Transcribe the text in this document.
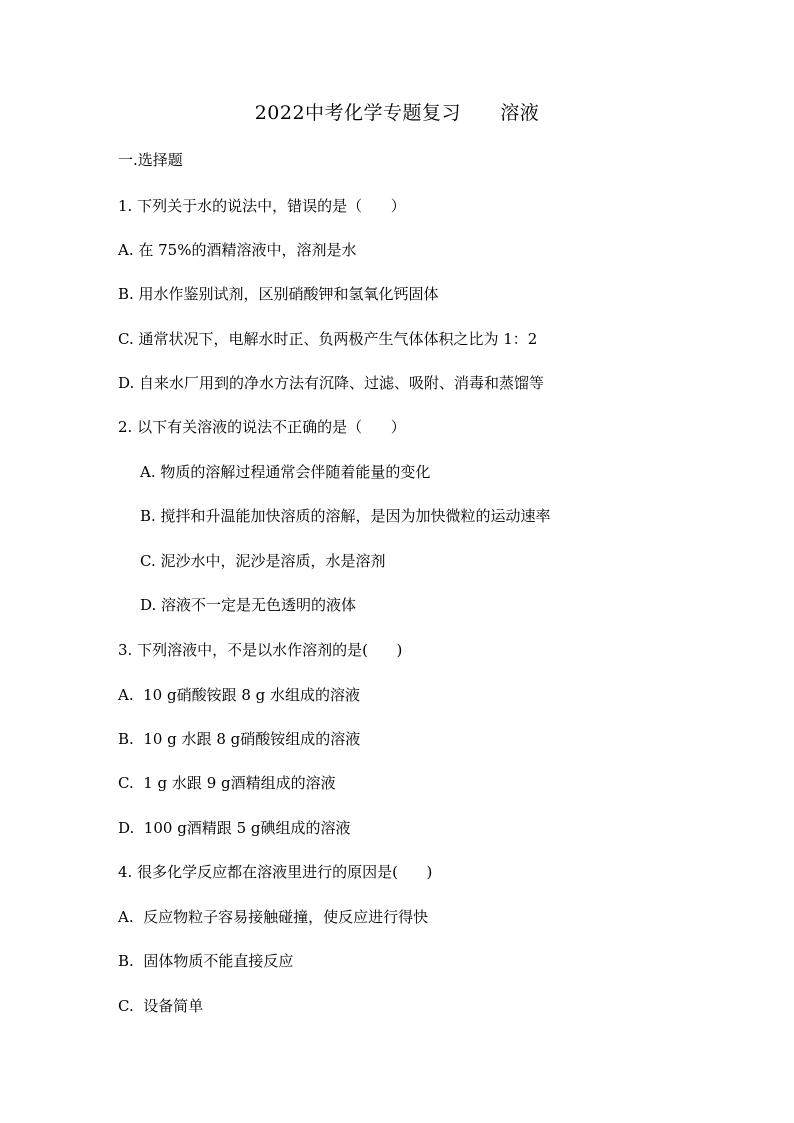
2022中考化学专题复习      溶液
一.选择题
1. 下列关于水的说法中，错误的是（      ）
A. 在 75%的酒精溶液中，溶剂是水
B. 用水作鉴别试剂，区别硝酸钾和氢氧化钙固体
C. 通常状况下，电解水时正、负两极产生气体体积之比为 1：2
D. 自来水厂用到的净水方法有沉降、过滤、吸附、消毒和蒸馏等
2. 以下有关溶液的说法不正确的是（      ）
A. 物质的溶解过程通常会伴随着能量的变化
B. 搅拌和升温能加快溶质的溶解，是因为加快微粒的运动速率
C. 泥沙水中，泥沙是溶质，水是溶剂
D. 溶液不一定是无色透明的液体
3. 下列溶液中，不是以水作溶剂的是(      )
A.  10 g硝酸铵跟 8 g 水组成的溶液
B.  10 g 水跟 8 g硝酸铵组成的溶液
C.  1 g 水跟 9 g酒精组成的溶液
D.  100 g酒精跟 5 g碘组成的溶液
4. 很多化学反应都在溶液里进行的原因是(      )
A.  反应物粒子容易接触碰撞，使反应进行得快
B.  固体物质不能直接反应
C.  设备简单
